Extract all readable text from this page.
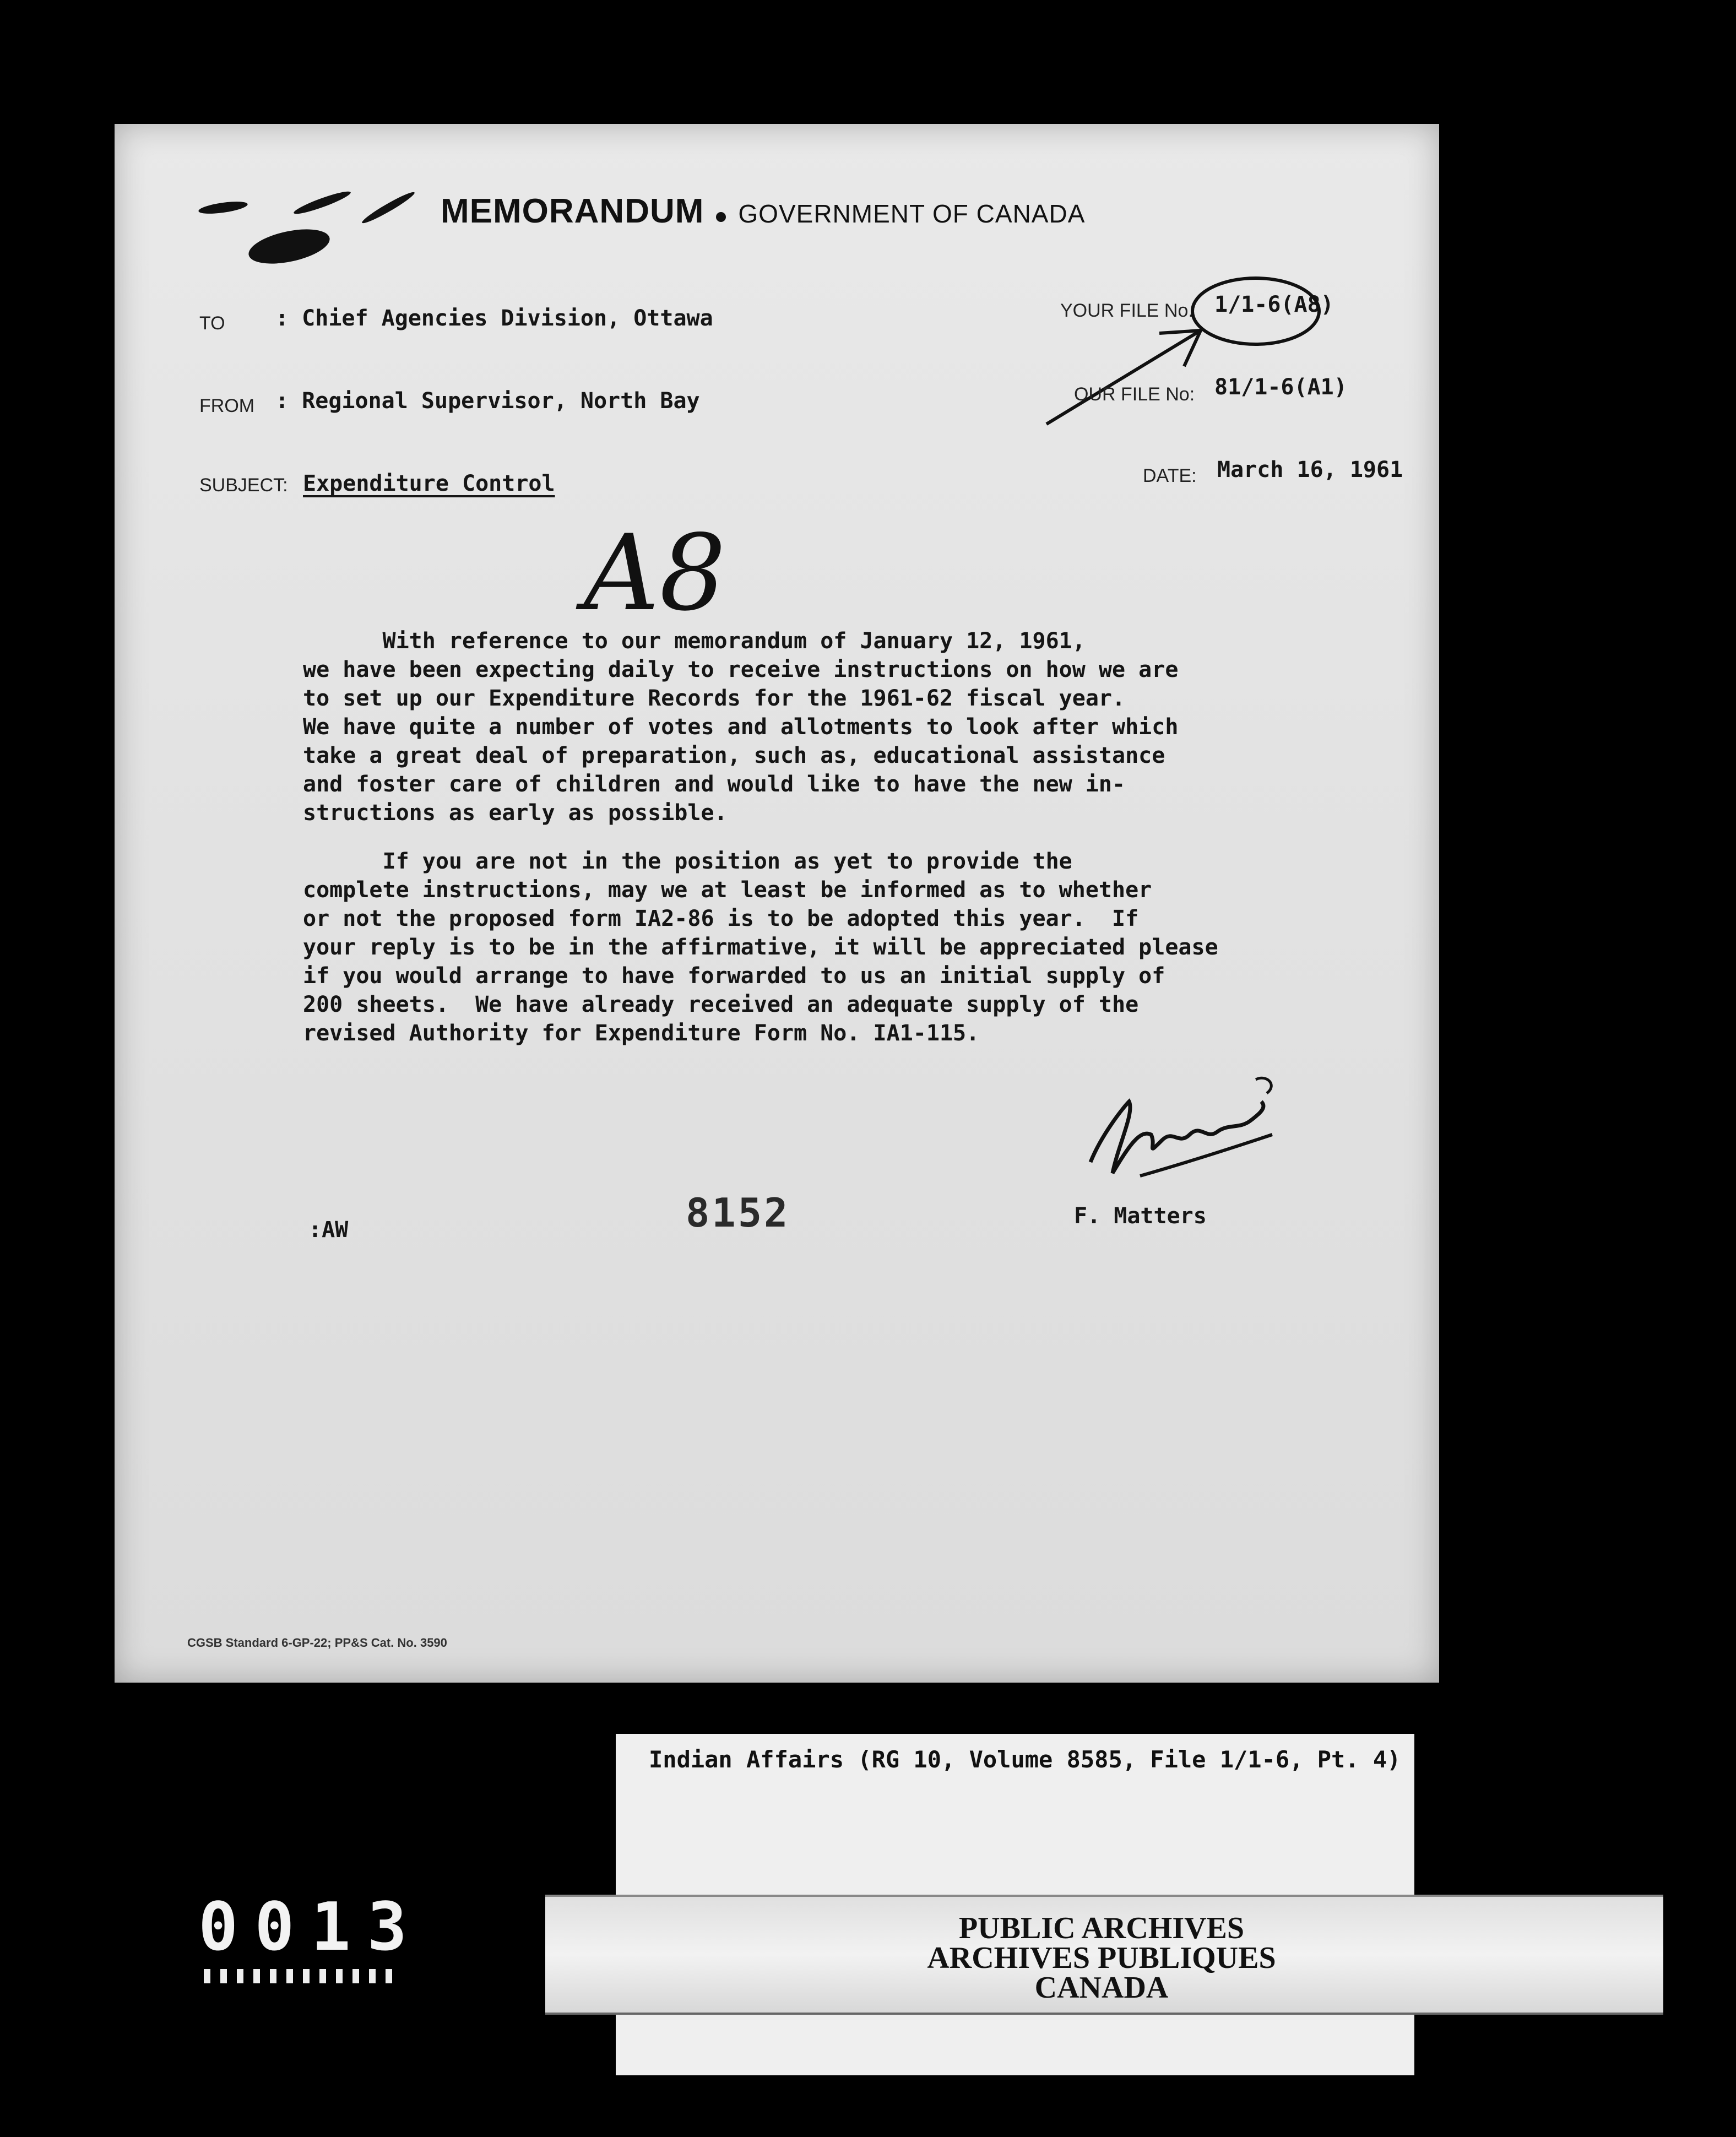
MEMORANDUM GOVERNMENT OF CANADA
TO : Chief Agencies Division, Ottawa
FROM : Regional Supervisor, North Bay
SUBJECT: Expenditure Control
YOUR FILE No. 1/1-6(A8)
OUR FILE No: 81/1-6(A1)
DATE: March 16, 1961
A8
With reference to our memorandum of January 12, 1961,
we have been expecting daily to receive instructions on how we are
to set up our Expenditure Records for the 1961-62 fiscal year.
We have quite a number of votes and allotments to look after which
take a great deal of preparation, such as, educational assistance
and foster care of children and would like to have the new in-
structions as early as possible.
If you are not in the position as yet to provide the
complete instructions, may we at least be informed as to whether
or not the proposed form IA2-86 is to be adopted this year.  If
your reply is to be in the affirmative, it will be appreciated please
if you would arrange to have forwarded to us an initial supply of
200 sheets.  We have already received an adequate supply of the
revised Authority for Expenditure Form No. IA1-115.
:AW	8152	F. Matters
CGSB Standard 6-GP-22; PP&S Cat. No. 3590
Indian Affairs (RG 10, Volume 8585, File 1/1-6, Pt. 4)
PUBLIC ARCHIVES
ARCHIVES PUBLIQUES
CANADA
0013
